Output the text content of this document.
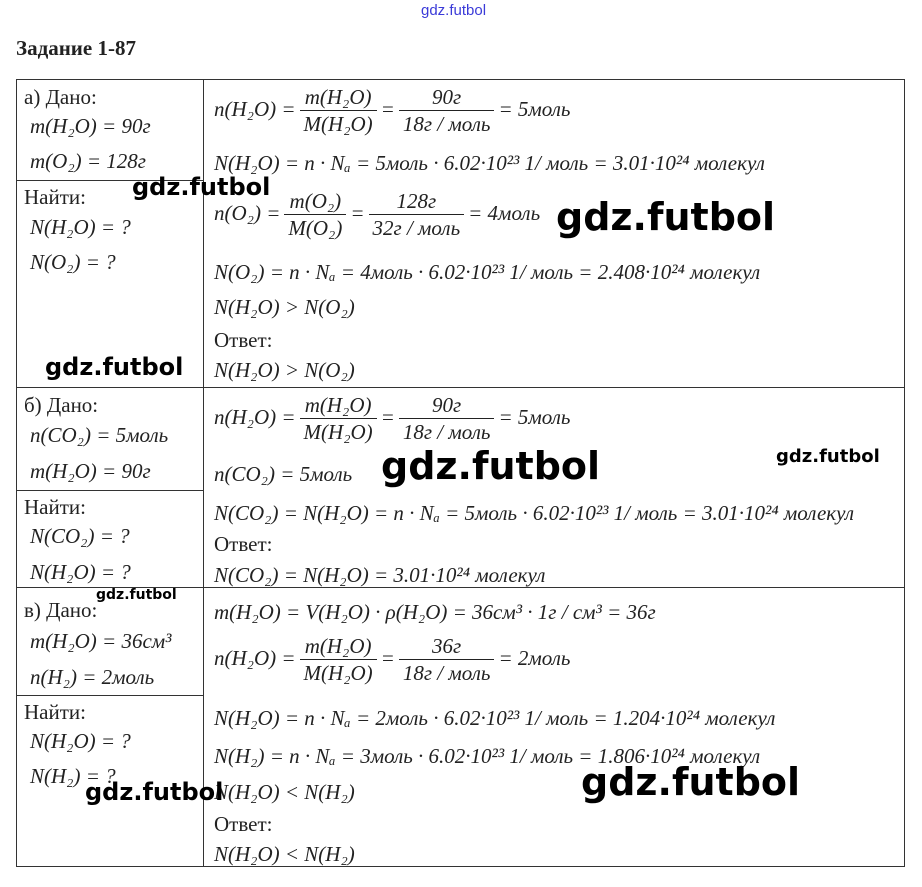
gdz.futbol
Задание 1-87
а) Дано:
m(H₂O) = 90г
m(O₂) = 128г
Найти:
N(H₂O) = ?
N(O₂) = ?
$n(H_2O) = \frac{\text{m(H₂O)}}{\text{M(H₂O)}} = \frac{90г}{\text{18г / моль}}$ = 5моль
N(H₂O) = n · Nₐ = 5моль · 6.02·10²³ 1/ моль = 3.01·10²⁴ молекул
$n(O_2) = \frac{\text{m(O₂)}}{\text{M(O₂)}} = \frac{128г}{\text{32г / моль}}$ = 4моль
N(O₂) = n · Nₐ = 4моль · 6.02·10²³ 1/ моль = 2.408·10²⁴ молекул
N(H₂O) > N(O₂)
Ответ:
N(H₂O) > N(O₂)
б) Дано:
n(CO₂) = 5моль
m(H₂O) = 90г
Найти:
N(CO₂) = ?
N(H₂O) = ?
$n(H_2O) = \frac{\text{m(H₂O)}}{\text{M(H₂O)}} = \frac{90г}{\text{18г / моль}}$ = 5моль
n(CO₂) = 5моль
N(CO₂) = N(H₂O) = n · Nₐ = 5моль · 6.02·10²³ 1/ моль = 3.01·10²⁴ молекул
Ответ:
N(CO₂) = N(H₂O) = 3.01·10²⁴ молекул
в) Дано:
m(H₂O) = 36см³
n(H₂) = 2моль
Найти:
N(H₂O) = ?
N(H₂) = ?
m(H₂O) = V(H₂O) · ρ(H₂O) = 36см³ · 1г / см³ = 36г
$n(H_2O) = \frac{\text{m(H₂O)}}{\text{M(H₂O)}} = \frac{36г}{\text{18г / моль}}$ = 2моль
N(H₂O) = n · Nₐ = 2моль · 6.02·10²³ 1/ моль = 1.204·10²⁴ молекул
N(H₂) = n · Nₐ = 3моль · 6.02·10²³ 1/ моль = 1.806·10²⁴ молекул
N(H₂O) < N(H₂)
Ответ:
N(H₂O) < N(H₂)
gdz.futbol
gdz.futbol
gdz.futbol
gdz.futbol	gdz.futbol
gdz.futbol
gdz.futbol	gdz.futbol
